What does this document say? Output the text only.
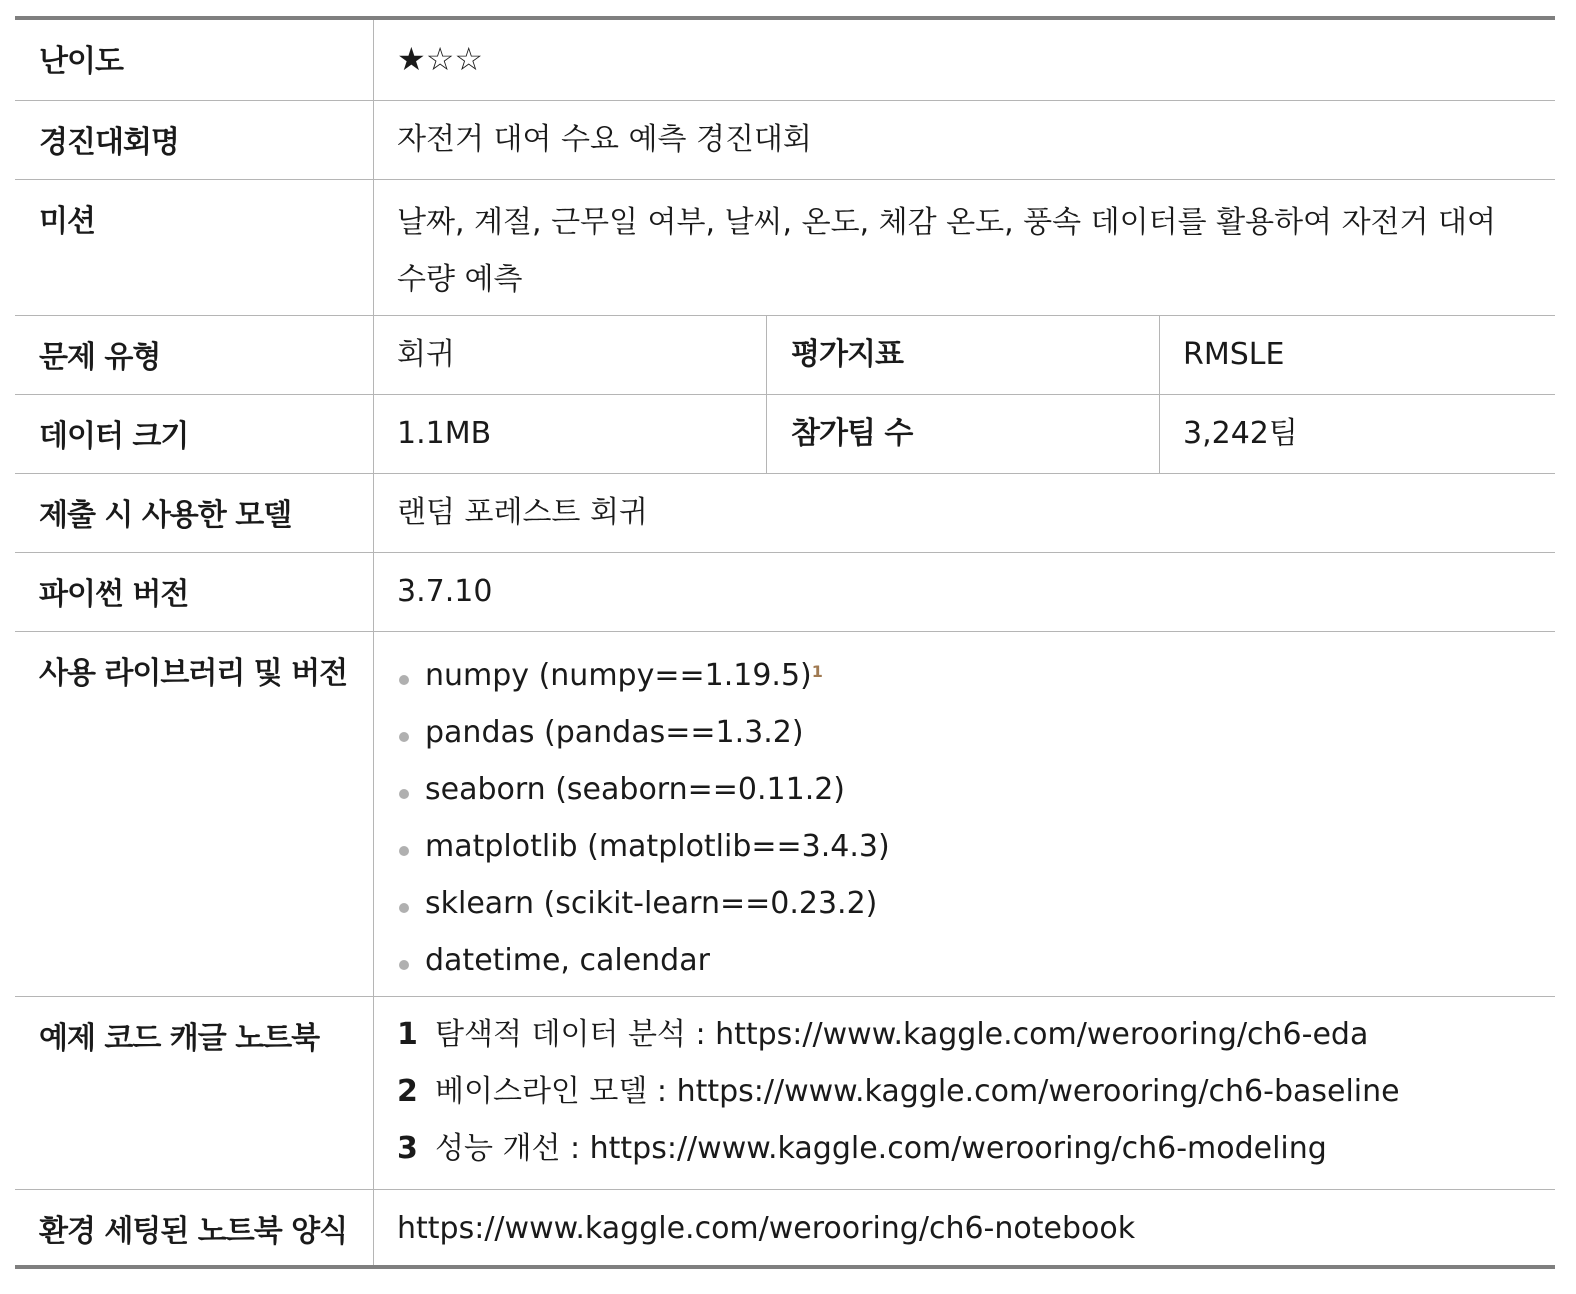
난이도	★☆☆
경진대회명	자전거 대여 수요 예측 경진대회
미션	날짜, 계절, 근무일 여부, 날씨, 온도, 체감 온도, 풍속 데이터를 활용하여 자전거 대여 수량 예측
문제 유형	회귀	평가지표	RMSLE
데이터 크기	1.1MB	참가팀 수	3,242팀
제출 시 사용한 모델	랜덤 포레스트 회귀
파이썬 버전	3.7.10
사용 라이브러리 및 버전	numpy (numpy==1.19.5)$^1$
pandas (pandas==1.3.2)
seaborn (seaborn==0.11.2)
matplotlib (matplotlib==3.4.3)
sklearn (scikit-learn==0.23.2)
datetime, calendar
예제 코드 캐글 노트북	1 탐색적 데이터 분석 : https://www.kaggle.com/werooring/ch6-eda
2 베이스라인 모델 : https://www.kaggle.com/werooring/ch6-baseline
3 성능 개선 : https://www.kaggle.com/werooring/ch6-modeling
환경 세팅된 노트북 양식	https://www.kaggle.com/werooring/ch6-notebook
